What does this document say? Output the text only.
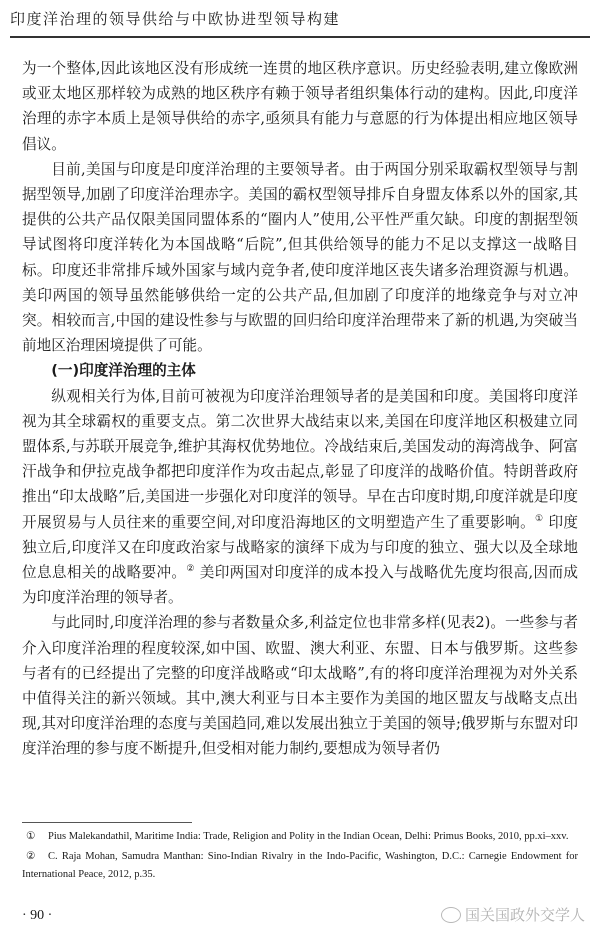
印度洋治理的领导供给与中欧协进型领导构建

为一个整体,因此该地区没有形成统一连贯的地区秩序意识。历史经验表明,建立像欧洲或亚太地区那样较为成熟的地区秩序有赖于领导者组织集体行动的建构。因此,印度洋治理的赤字本质上是领导供给的赤字,亟须具有能力与意愿的行为体提出相应地区领导倡议。

目前,美国与印度是印度洋治理的主要领导者。由于两国分别采取霸权型领导与割据型领导,加剧了印度洋治理赤字。美国的霸权型领导排斥自身盟友体系以外的国家,其提供的公共产品仅限美国同盟体系的“圈内人”使用,公平性严重欠缺。印度的割据型领导试图将印度洋转化为本国战略“后院”,但其供给领导的能力不足以支撑这一战略目标。印度还非常排斥域外国家与域内竞争者,使印度洋地区丧失诸多治理资源与机遇。美印两国的领导虽然能够供给一定的公共产品,但加剧了印度洋的地缘竞争与对立冲突。相较而言,中国的建设性参与与欧盟的回归给印度洋治理带来了新的机遇,为突破当前地区治理困境提供了可能。

(一)印度洋治理的主体

纵观相关行为体,目前可被视为印度洋治理领导者的是美国和印度。美国将印度洋视为其全球霸权的重要支点。第二次世界大战结束以来,美国在印度洋地区积极建立同盟体系,与苏联开展竞争,维护其海权优势地位。冷战结束后,美国发动的海湾战争、阿富汗战争和伊拉克战争都把印度洋作为攻击起点,彰显了印度洋的战略价值。特朗普政府推出“印太战略”后,美国进一步强化对印度洋的领导。早在古印度时期,印度洋就是印度开展贸易与人员往来的重要空间,对印度沿海地区的文明塑造产生了重要影响。① 印度独立后,印度洋又在印度政治家与战略家的演绎下成为与印度的独立、强大以及全球地位息息相关的战略要冲。② 美印两国对印度洋的成本投入与战略优先度均很高,因而成为印度洋治理的领导者。

与此同时,印度洋治理的参与者数量众多,利益定位也非常多样(见表2)。一些参与者介入印度洋治理的程度较深,如中国、欧盟、澳大利亚、东盟、日本与俄罗斯。这些参与者有的已经提出了完整的印度洋战略或“印太战略”,有的将印度洋治理视为对外关系中值得关注的新兴领域。其中,澳大利亚与日本主要作为美国的地区盟友与战略支点出现,其对印度洋治理的态度与美国趋同,难以发展出独立于美国的领导;俄罗斯与东盟对印度洋治理的参与度不断提升,但受相对能力制约,要想成为领导者仍

① Pius Malekandathil, Maritime India: Trade, Religion and Polity in the Indian Ocean, Delhi: Primus Books, 2010, pp.xi–xxv.

② C. Raja Mohan, Samudra Manthan: Sino-Indian Rivalry in the Indo-Pacific, Washington, D.C.: Carnegie Endowment for International Peace, 2012, p.35.

· 90 ·	国关国政外交学人
